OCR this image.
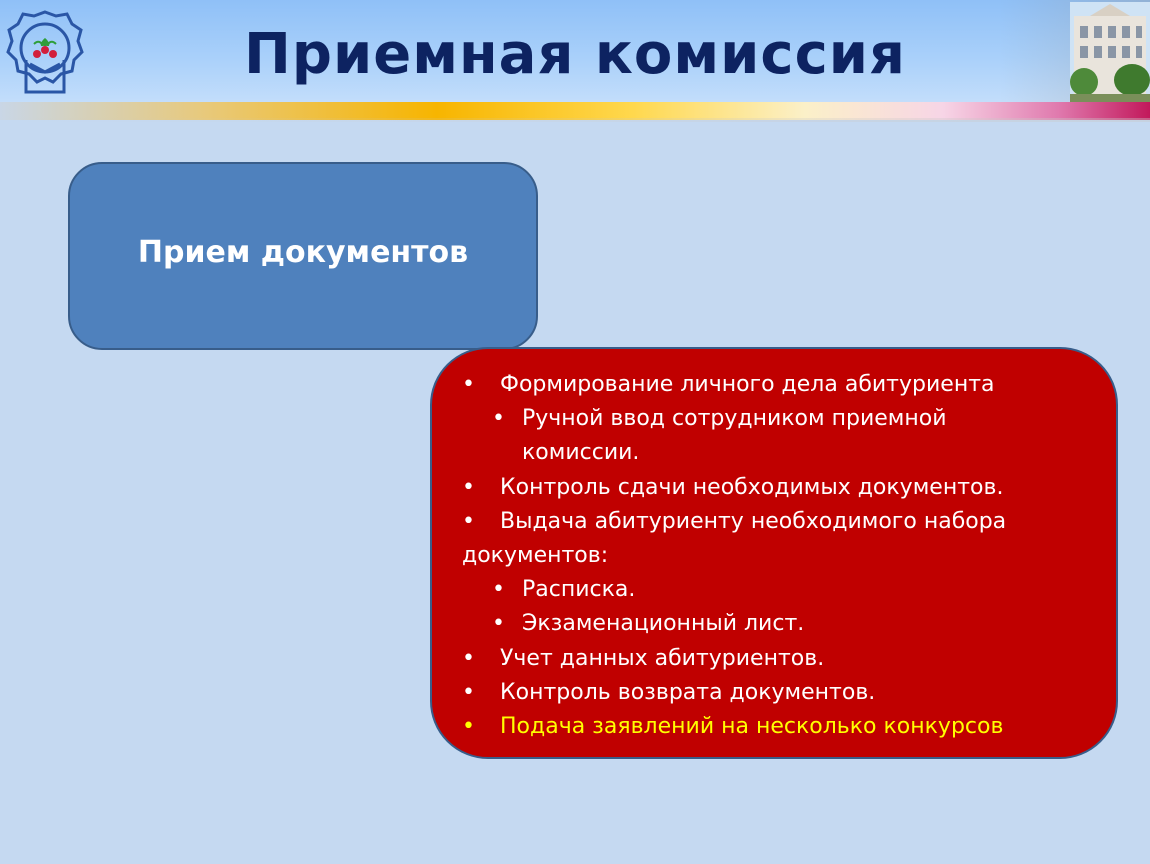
Приемная комиссия
Прием документов
• Формирование личного дела абитуриента
• Ручной ввод сотрудником приемной
комиссии.
• Контроль сдачи необходимых документов.
• Выдача абитуриенту необходимого набора
документов:
• Расписка.
• Экзаменационный лист.
• Учет данных абитуриентов.
• Контроль возврата документов.
• Подача заявлений на несколько конкурсов
